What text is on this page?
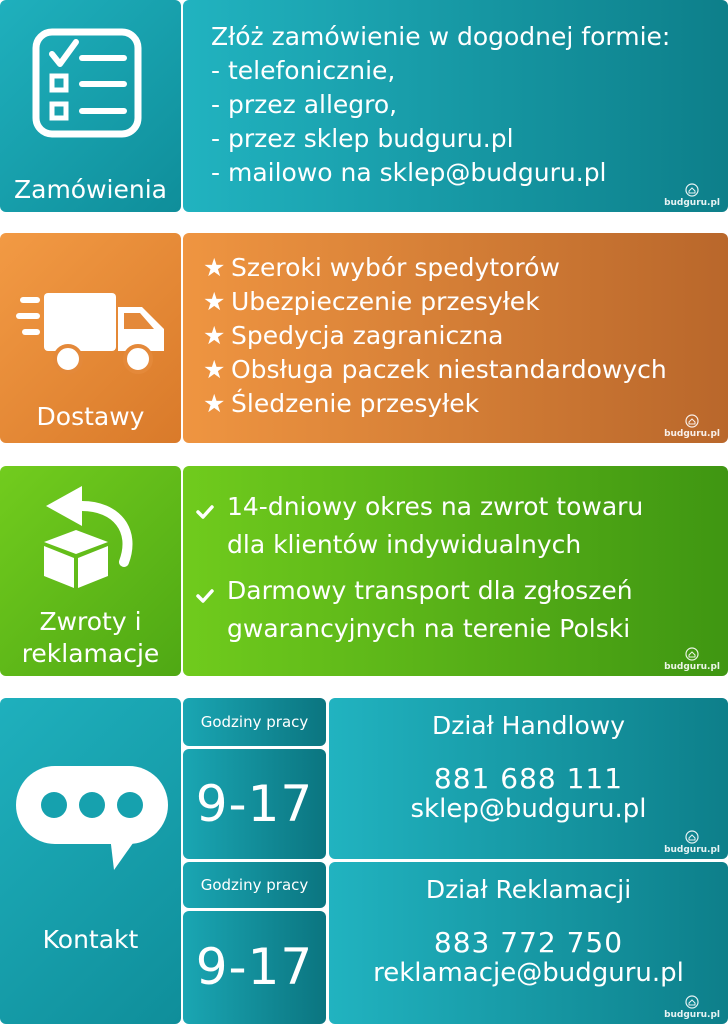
Zamówienia
Złóż zamówienie w dogodnej formie:
- telefonicznie,
- przez allegro,
- przez sklep budguru.pl
- mailowo na sklep@budguru.pl
budguru.pl
Dostawy
★ Szeroki wybór spedytorów
★ Ubezpieczenie przesyłek
★ Spedycja zagraniczna
★ Obsługa paczek niestandardowych
★ Śledzenie przesyłek
budguru.pl
Zwroty i
reklamacje
14-dniowy okres na zwrot towaru
dla klientów indywidualnych
Darmowy transport dla zgłoszeń
gwarancyjnych na terenie Polski
budguru.pl
Kontakt
Godziny pracy
9-17
Dział Handlowy
881 688 111
sklep@budguru.pl
budguru.pl
Godziny pracy
9-17
Dział Reklamacji
883 772 750
reklamacje@budguru.pl
budguru.pl
